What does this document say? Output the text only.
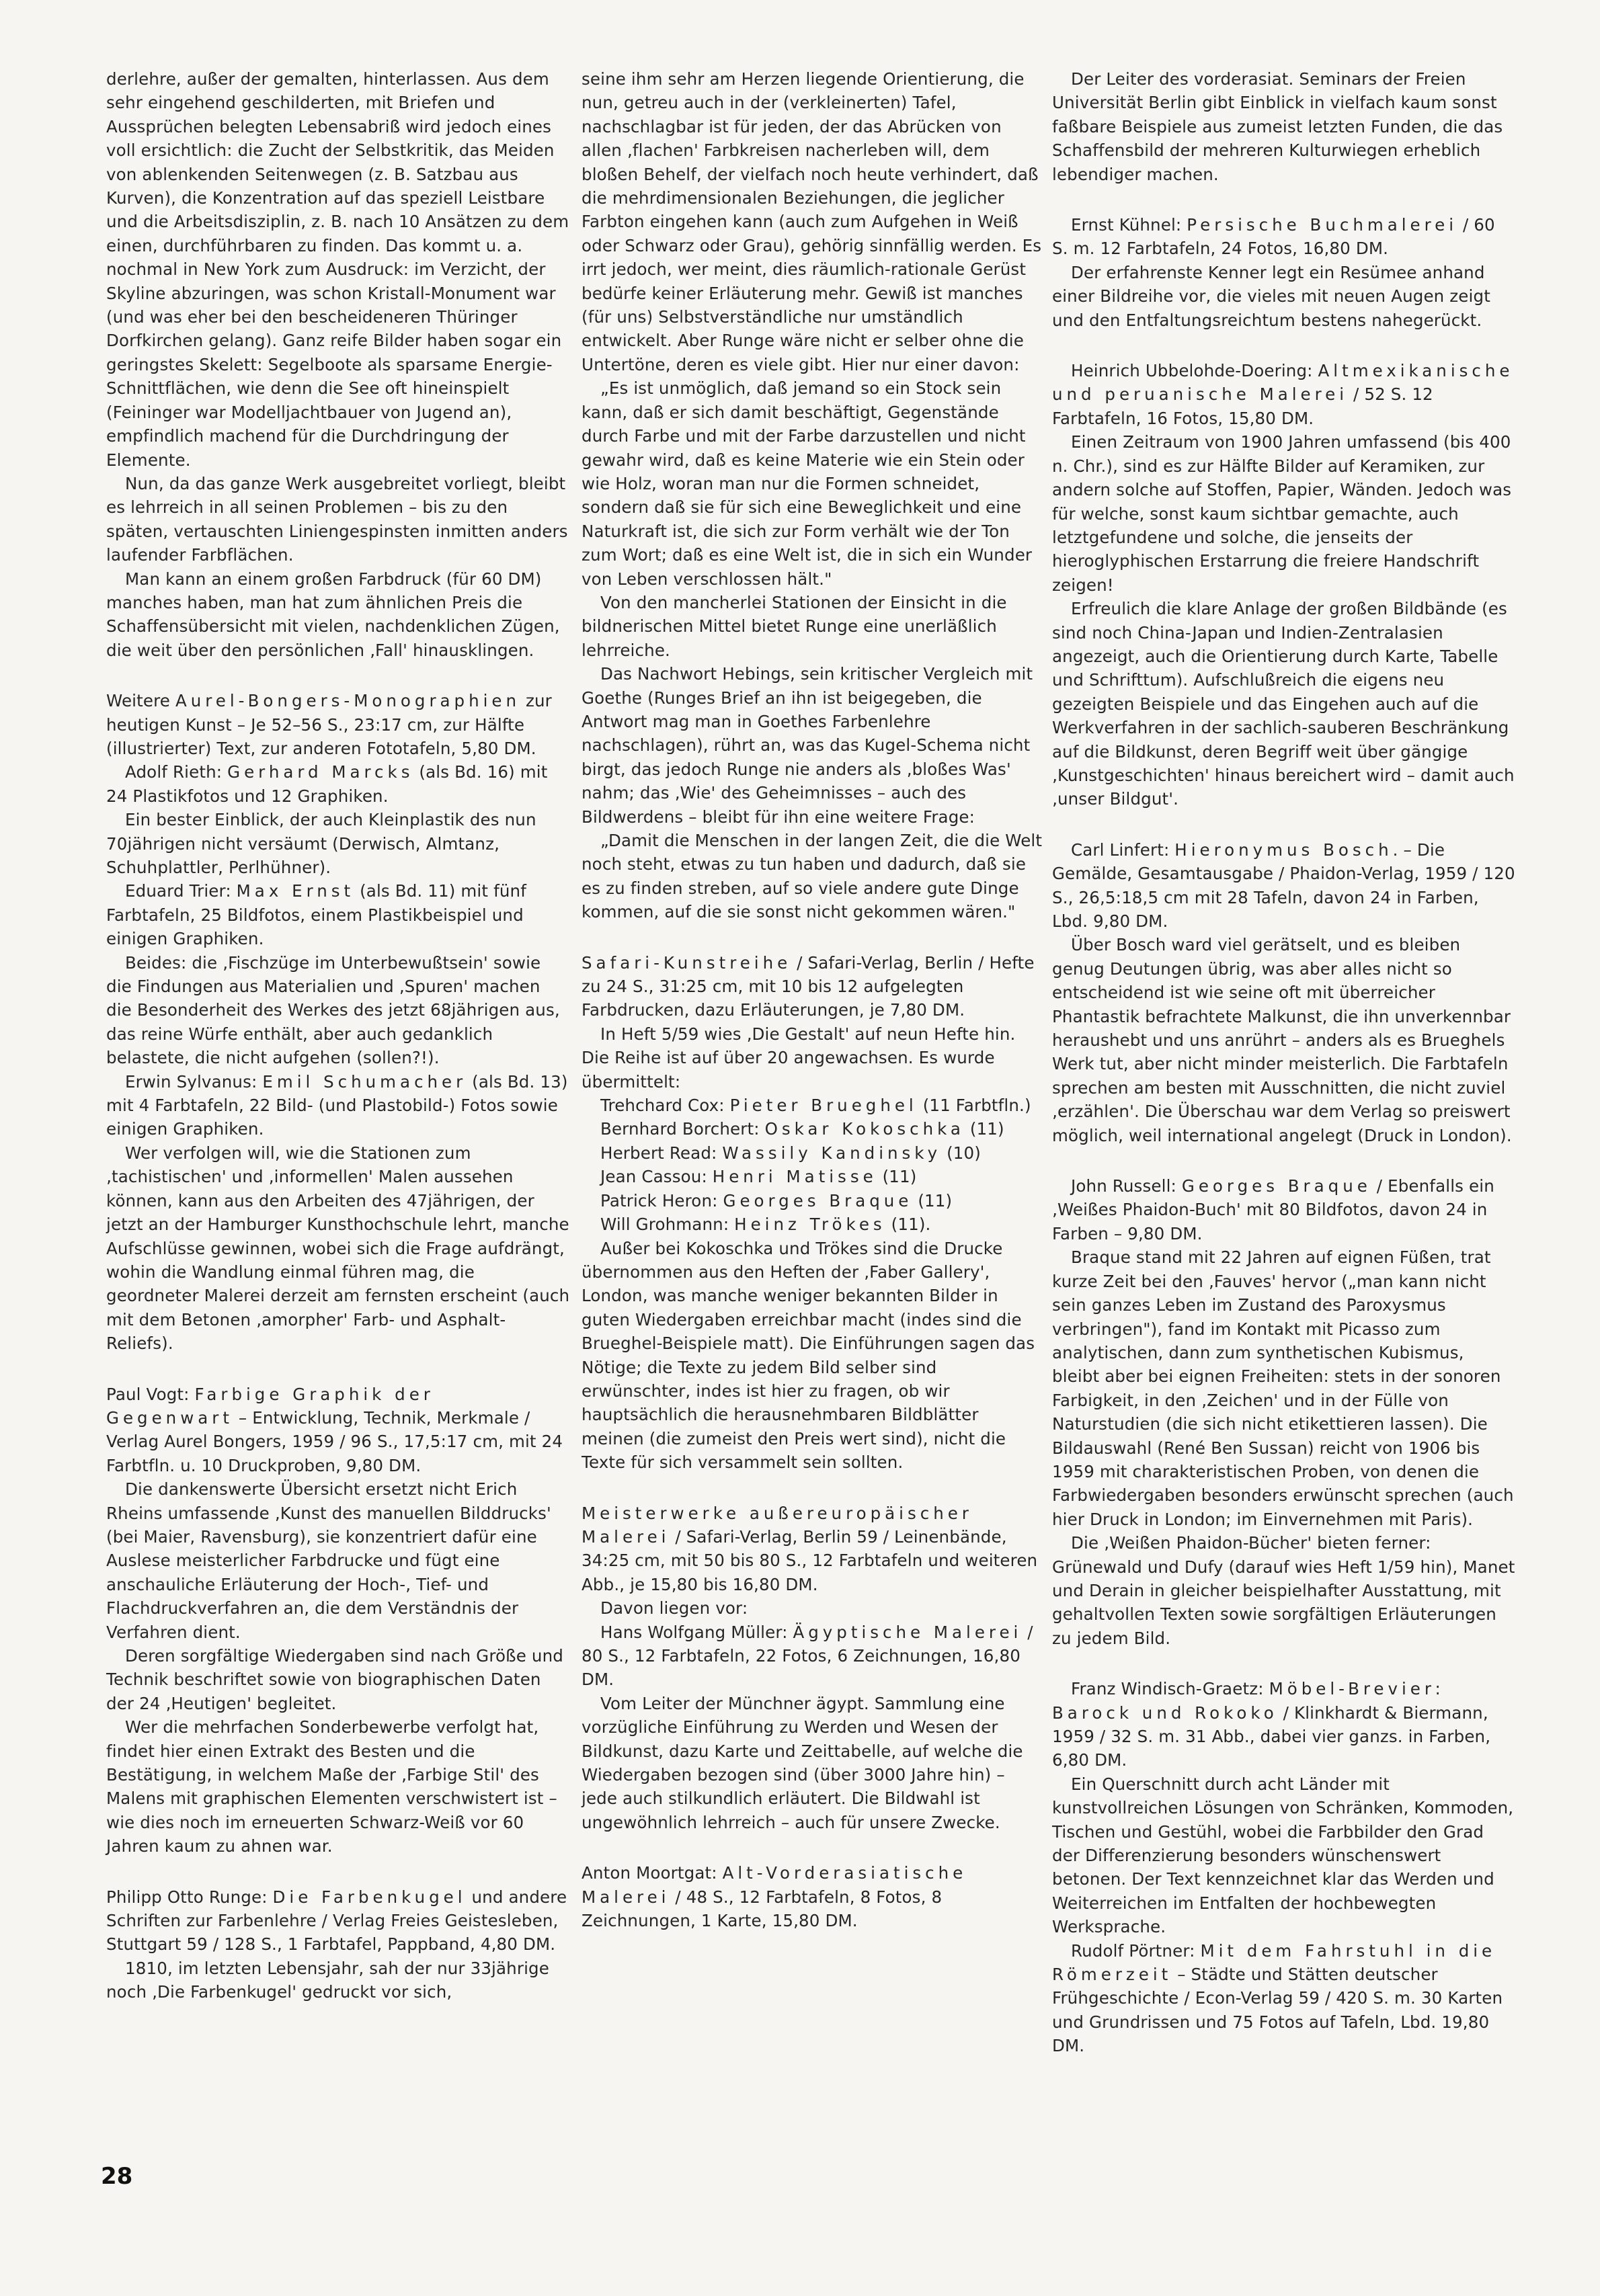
derlehre, außer der gemalten, hinterlassen. Aus dem sehr eingehend geschilderten, mit Briefen und Aussprüchen belegten Lebensabriß wird jedoch eines voll ersichtlich: die Zucht der Selbstkritik, das Meiden von ablenkenden Seitenwegen (z. B. Satzbau aus Kurven), die Konzentration auf das speziell Leistbare und die Arbeitsdisziplin, z. B. nach 10 Ansätzen zu dem einen, durchführbaren zu finden. Das kommt u. a. nochmal in New York zum Ausdruck: im Verzicht, der Skyline abzuringen, was schon Kristall-Monument war (und was eher bei den bescheideneren Thüringer Dorfkirchen gelang). Ganz reife Bilder haben sogar ein geringstes Skelett: Segelboote als sparsame Energie-Schnittflächen, wie denn die See oft hineinspielt (Feininger war Modelljachtbauer von Jugend an), empfindlich machend für die Durchdringung der Elemente.

Nun, da das ganze Werk ausgebreitet vorliegt, bleibt es lehrreich in all seinen Problemen – bis zu den späten, vertauschten Liniengespinsten inmitten anders laufender Farbflächen.

Man kann an einem großen Farbdruck (für 60 DM) manches haben, man hat zum ähnlichen Preis die Schaffensübersicht mit vielen, nachdenklichen Zügen, die weit über den persönlichen ‚Fall' hinausklingen.

Weitere Aurel-Bongers-Monographien zur heutigen Kunst – Je 52–56 S., 23:17 cm, zur Hälfte (illustrierter) Text, zur anderen Fototafeln, 5,80 DM.

Adolf Rieth: Gerhard Marcks (als Bd. 16) mit 24 Plastikfotos und 12 Graphiken.

Ein bester Einblick, der auch Kleinplastik des nun 70jährigen nicht versäumt (Derwisch, Almtanz, Schuhplattler, Perlhühner).

Eduard Trier: Max Ernst (als Bd. 11) mit fünf Farbtafeln, 25 Bildfotos, einem Plastikbeispiel und einigen Graphiken.

Beides: die ‚Fischzüge im Unterbewußtsein' sowie die Findungen aus Materialien und ‚Spuren' machen die Besonderheit des Werkes des jetzt 68jährigen aus, das reine Würfe enthält, aber auch gedanklich belastete, die nicht aufgehen (sollen?!).

Erwin Sylvanus: Emil Schumacher (als Bd. 13) mit 4 Farbtafeln, 22 Bild- (und Plastobild-) Fotos sowie einigen Graphiken.

Wer verfolgen will, wie die Stationen zum ‚tachistischen' und ‚informellen' Malen aussehen können, kann aus den Arbeiten des 47jährigen, der jetzt an der Hamburger Kunsthochschule lehrt, manche Aufschlüsse gewinnen, wobei sich die Frage aufdrängt, wohin die Wandlung einmal führen mag, die geordneter Malerei derzeit am fernsten erscheint (auch mit dem Betonen ‚amorpher' Farb- und Asphalt-Reliefs).

Paul Vogt: Farbige Graphik der Gegenwart – Entwicklung, Technik, Merkmale / Verlag Aurel Bongers, 1959 / 96 S., 17,5:17 cm, mit 24 Farbtfln. u. 10 Druckproben, 9,80 DM.

Die dankenswerte Übersicht ersetzt nicht Erich Rheins umfassende ‚Kunst des manuellen Bilddrucks' (bei Maier, Ravensburg), sie konzentriert dafür eine Auslese meisterlicher Farbdrucke und fügt eine anschauliche Erläuterung der Hoch-, Tief- und Flachdruckverfahren an, die dem Verständnis der Verfahren dient.

Deren sorgfältige Wiedergaben sind nach Größe und Technik beschriftet sowie von biographischen Daten der 24 ‚Heutigen' begleitet.

Wer die mehrfachen Sonderbewerbe verfolgt hat, findet hier einen Extrakt des Besten und die Bestätigung, in welchem Maße der ‚Farbige Stil' des Malens mit graphischen Elementen verschwistert ist – wie dies noch im erneuerten Schwarz-Weiß vor 60 Jahren kaum zu ahnen war.

Philipp Otto Runge: Die Farbenkugel und andere Schriften zur Farbenlehre / Verlag Freies Geistesleben, Stuttgart 59 / 128 S., 1 Farbtafel, Pappband, 4,80 DM.

1810, im letzten Lebensjahr, sah der nur 33jährige noch ‚Die Farbenkugel' gedruckt vor sich,

seine ihm sehr am Herzen liegende Orientierung, die nun, getreu auch in der (verkleinerten) Tafel, nachschlagbar ist für jeden, der das Abrücken von allen ‚flachen' Farbkreisen nacherleben will, dem bloßen Behelf, der vielfach noch heute verhindert, daß die mehrdimensionalen Beziehungen, die jeglicher Farbton eingehen kann (auch zum Aufgehen in Weiß oder Schwarz oder Grau), gehörig sinnfällig werden. Es irrt jedoch, wer meint, dies räumlich-rationale Gerüst bedürfe keiner Erläuterung mehr. Gewiß ist manches (für uns) Selbstverständliche nur umständlich entwickelt. Aber Runge wäre nicht er selber ohne die Untertöne, deren es viele gibt. Hier nur einer davon:

„Es ist unmöglich, daß jemand so ein Stock sein kann, daß er sich damit beschäftigt, Gegenstände durch Farbe und mit der Farbe darzustellen und nicht gewahr wird, daß es keine Materie wie ein Stein oder wie Holz, woran man nur die Formen schneidet, sondern daß sie für sich eine Beweglichkeit und eine Naturkraft ist, die sich zur Form verhält wie der Ton zum Wort; daß es eine Welt ist, die in sich ein Wunder von Leben verschlossen hält."

Von den mancherlei Stationen der Einsicht in die bildnerischen Mittel bietet Runge eine unerläßlich lehrreiche.

Das Nachwort Hebings, sein kritischer Vergleich mit Goethe (Runges Brief an ihn ist beigegeben, die Antwort mag man in Goethes Farbenlehre nachschlagen), rührt an, was das Kugel-Schema nicht birgt, das jedoch Runge nie anders als ‚bloßes Was' nahm; das ‚Wie' des Geheimnisses – auch des Bildwerdens – bleibt für ihn eine weitere Frage:

„Damit die Menschen in der langen Zeit, die die Welt noch steht, etwas zu tun haben und dadurch, daß sie es zu finden streben, auf so viele andere gute Dinge kommen, auf die sie sonst nicht gekommen wären."

Safari-Kunstreihe / Safari-Verlag, Berlin / Hefte zu 24 S., 31:25 cm, mit 10 bis 12 aufgelegten Farbdrucken, dazu Erläuterungen, je 7,80 DM.

In Heft 5/59 wies ‚Die Gestalt' auf neun Hefte hin. Die Reihe ist auf über 20 angewachsen. Es wurde übermittelt:

Trehchard Cox: Pieter Brueghel (11 Farbtfln.)

Bernhard Borchert: Oskar Kokoschka (11)

Herbert Read: Wassily Kandinsky (10)

Jean Cassou: Henri Matisse (11)

Patrick Heron: Georges Braque (11)

Will Grohmann: Heinz Trökes (11).

Außer bei Kokoschka und Trökes sind die Drucke übernommen aus den Heften der ‚Faber Gallery', London, was manche weniger bekannten Bilder in guten Wiedergaben erreichbar macht (indes sind die Brueghel-Beispiele matt). Die Einführungen sagen das Nötige; die Texte zu jedem Bild selber sind erwünschter, indes ist hier zu fragen, ob wir hauptsächlich die herausnehmbaren Bildblätter meinen (die zumeist den Preis wert sind), nicht die Texte für sich versammelt sein sollten.

Meisterwerke außereuropäischer Malerei / Safari-Verlag, Berlin 59 / Leinenbände, 34:25 cm, mit 50 bis 80 S., 12 Farbtafeln und weiteren Abb., je 15,80 bis 16,80 DM.

Davon liegen vor:

Hans Wolfgang Müller: Ägyptische Malerei / 80 S., 12 Farbtafeln, 22 Fotos, 6 Zeichnungen, 16,80 DM.

Vom Leiter der Münchner ägypt. Sammlung eine vorzügliche Einführung zu Werden und Wesen der Bildkunst, dazu Karte und Zeittabelle, auf welche die Wiedergaben bezogen sind (über 3000 Jahre hin) – jede auch stilkundlich erläutert. Die Bildwahl ist ungewöhnlich lehrreich – auch für unsere Zwecke.

Anton Moortgat: Alt-Vorderasiatische Malerei / 48 S., 12 Farbtafeln, 8 Fotos, 8 Zeichnungen, 1 Karte, 15,80 DM.

Der Leiter des vorderasiat. Seminars der Freien Universität Berlin gibt Einblick in vielfach kaum sonst faßbare Beispiele aus zumeist letzten Funden, die das Schaffensbild der mehreren Kulturwiegen erheblich lebendiger machen.

Ernst Kühnel: Persische Buchmalerei / 60 S. m. 12 Farbtafeln, 24 Fotos, 16,80 DM.

Der erfahrenste Kenner legt ein Resümee anhand einer Bildreihe vor, die vieles mit neuen Augen zeigt und den Entfaltungsreichtum bestens nahegerückt.

Heinrich Ubbelohde-Doering: Altmexikanische und peruanische Malerei / 52 S. 12 Farbtafeln, 16 Fotos, 15,80 DM.

Einen Zeitraum von 1900 Jahren umfassend (bis 400 n. Chr.), sind es zur Hälfte Bilder auf Keramiken, zur andern solche auf Stoffen, Papier, Wänden. Jedoch was für welche, sonst kaum sichtbar gemachte, auch letztgefundene und solche, die jenseits der hieroglyphischen Erstarrung die freiere Handschrift zeigen!

Erfreulich die klare Anlage der großen Bildbände (es sind noch China-Japan und Indien-Zentralasien angezeigt, auch die Orientierung durch Karte, Tabelle und Schrifttum). Aufschlußreich die eigens neu gezeigten Beispiele und das Eingehen auch auf die Werkverfahren in der sachlich-sauberen Beschränkung auf die Bildkunst, deren Begriff weit über gängige ‚Kunstgeschichten' hinaus bereichert wird – damit auch ‚unser Bildgut'.

Carl Linfert: Hieronymus Bosch. – Die Gemälde, Gesamtausgabe / Phaidon-Verlag, 1959 / 120 S., 26,5:18,5 cm mit 28 Tafeln, davon 24 in Farben, Lbd. 9,80 DM.

Über Bosch ward viel gerätselt, und es bleiben genug Deutungen übrig, was aber alles nicht so entscheidend ist wie seine oft mit überreicher Phantastik befrachtete Malkunst, die ihn unverkennbar heraushebt und uns anrührt – anders als es Brueghels Werk tut, aber nicht minder meisterlich. Die Farbtafeln sprechen am besten mit Ausschnitten, die nicht zuviel ‚erzählen'. Die Überschau war dem Verlag so preiswert möglich, weil international angelegt (Druck in London).

John Russell: Georges Braque / Ebenfalls ein ‚Weißes Phaidon-Buch' mit 80 Bildfotos, davon 24 in Farben – 9,80 DM.

Braque stand mit 22 Jahren auf eignen Füßen, trat kurze Zeit bei den ‚Fauves' hervor („man kann nicht sein ganzes Leben im Zustand des Paroxysmus verbringen"), fand im Kontakt mit Picasso zum analytischen, dann zum synthetischen Kubismus, bleibt aber bei eignen Freiheiten: stets in der sonoren Farbigkeit, in den ‚Zeichen' und in der Fülle von Naturstudien (die sich nicht etikettieren lassen). Die Bildauswahl (René Ben Sussan) reicht von 1906 bis 1959 mit charakteristischen Proben, von denen die Farbwiedergaben besonders erwünscht sprechen (auch hier Druck in London; im Einvernehmen mit Paris).

Die ‚Weißen Phaidon-Bücher' bieten ferner: Grünewald und Dufy (darauf wies Heft 1/59 hin), Manet und Derain in gleicher beispielhafter Ausstattung, mit gehaltvollen Texten sowie sorgfältigen Erläuterungen zu jedem Bild.

Franz Windisch-Graetz: Möbel-Brevier: Barock und Rokoko / Klinkhardt & Biermann, 1959 / 32 S. m. 31 Abb., dabei vier ganzs. in Farben, 6,80 DM.

Ein Querschnitt durch acht Länder mit kunstvollreichen Lösungen von Schränken, Kommoden, Tischen und Gestühl, wobei die Farbbilder den Grad der Differenzierung besonders wünschenswert betonen. Der Text kennzeichnet klar das Werden und Weiterreichen im Entfalten der hochbewegten Werksprache.

Rudolf Pörtner: Mit dem Fahrstuhl in die Römerzeit – Städte und Stätten deutscher Frühgeschichte / Econ-Verlag 59 / 420 S. m. 30 Karten und Grundrissen und 75 Fotos auf Tafeln, Lbd. 19,80 DM.

28
